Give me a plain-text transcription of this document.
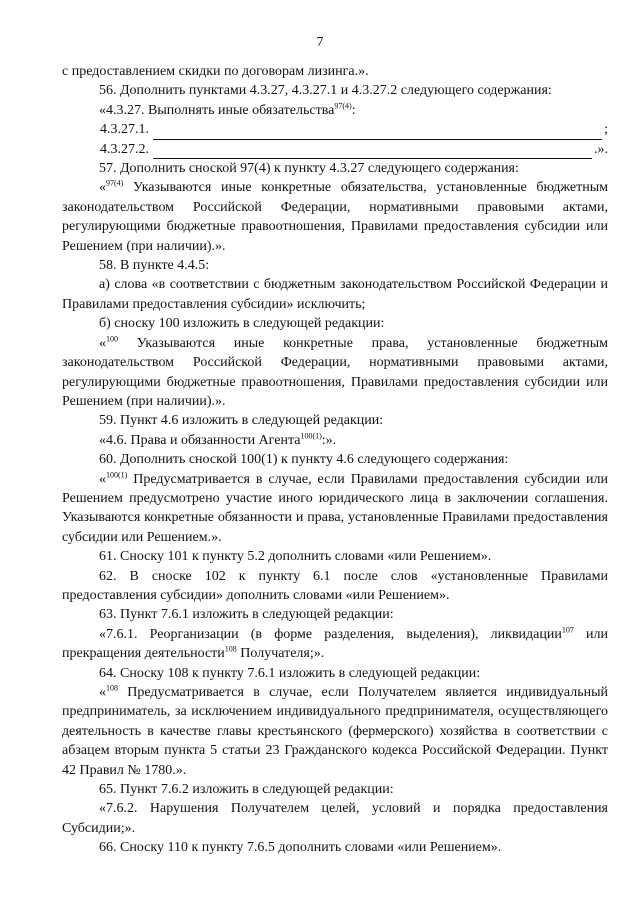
7

с предоставлением скидки по договорам лизинга.».

56. Дополнить пунктами 4.3.27, 4.3.27.1 и 4.3.27.2 следующего содержания:

«4.3.27. Выполнять иные обязательства$^{97(4)}$:

4.3.27.1.	;
4.3.27.2.	.».

57. Дополнить сноской 97(4) к пункту 4.3.27 следующего содержания:

«$^{97(4)}$ Указываются иные конкретные обязательства, установленные бюджетным законодательством Российской Федерации, нормативными правовыми актами, регулирующими бюджетные правоотношения, Правилами предоставления субсидии или Решением (при наличии).».

58. В пункте 4.4.5:

а) слова «в соответствии с бюджетным законодательством Российской Федерации и Правилами предоставления субсидии» исключить;

б) сноску 100 изложить в следующей редакции:

«$^{100}$ Указываются иные конкретные права, установленные бюджетным законодательством Российской Федерации, нормативными правовыми актами, регулирующими бюджетные правоотношения, Правилами предоставления субсидии или Решением (при наличии).».

59. Пункт 4.6 изложить в следующей редакции:

«4.6. Права и обязанности Агента$^{100(1)}$:».

60. Дополнить сноской 100(1) к пункту 4.6 следующего содержания:

«$^{100(1)}$ Предусматривается в случае, если Правилами предоставления субсидии или Решением предусмотрено участие иного юридического лица в заключении соглашения. Указываются конкретные обязанности и права, установленные Правилами предоставления субсидии или Решением.».

61. Сноску 101 к пункту 5.2 дополнить словами «или Решением».

62. В сноске 102 к пункту 6.1 после слов «установленные Правилами предоставления субсидии» дополнить словами «или Решением».

63. Пункт 7.6.1 изложить в следующей редакции:

«7.6.1. Реорганизации (в форме разделения, выделения), ликвидации$^{107}$ или прекращения деятельности$^{108}$ Получателя;».

64. Сноску 108 к пункту 7.6.1 изложить в следующей редакции:

«$^{108}$ Предусматривается в случае, если Получателем является индивидуальный предприниматель, за исключением индивидуального предпринимателя, осуществляющего деятельность в качестве главы крестьянского (фермерского) хозяйства в соответствии с абзацем вторым пункта 5 статьи 23 Гражданского кодекса Российской Федерации. Пункт 42 Правил № 1780.».

65. Пункт 7.6.2 изложить в следующей редакции:

«7.6.2. Нарушения Получателем целей, условий и порядка предоставления Субсидии;».

66. Сноску 110 к пункту 7.6.5 дополнить словами «или Решением».
